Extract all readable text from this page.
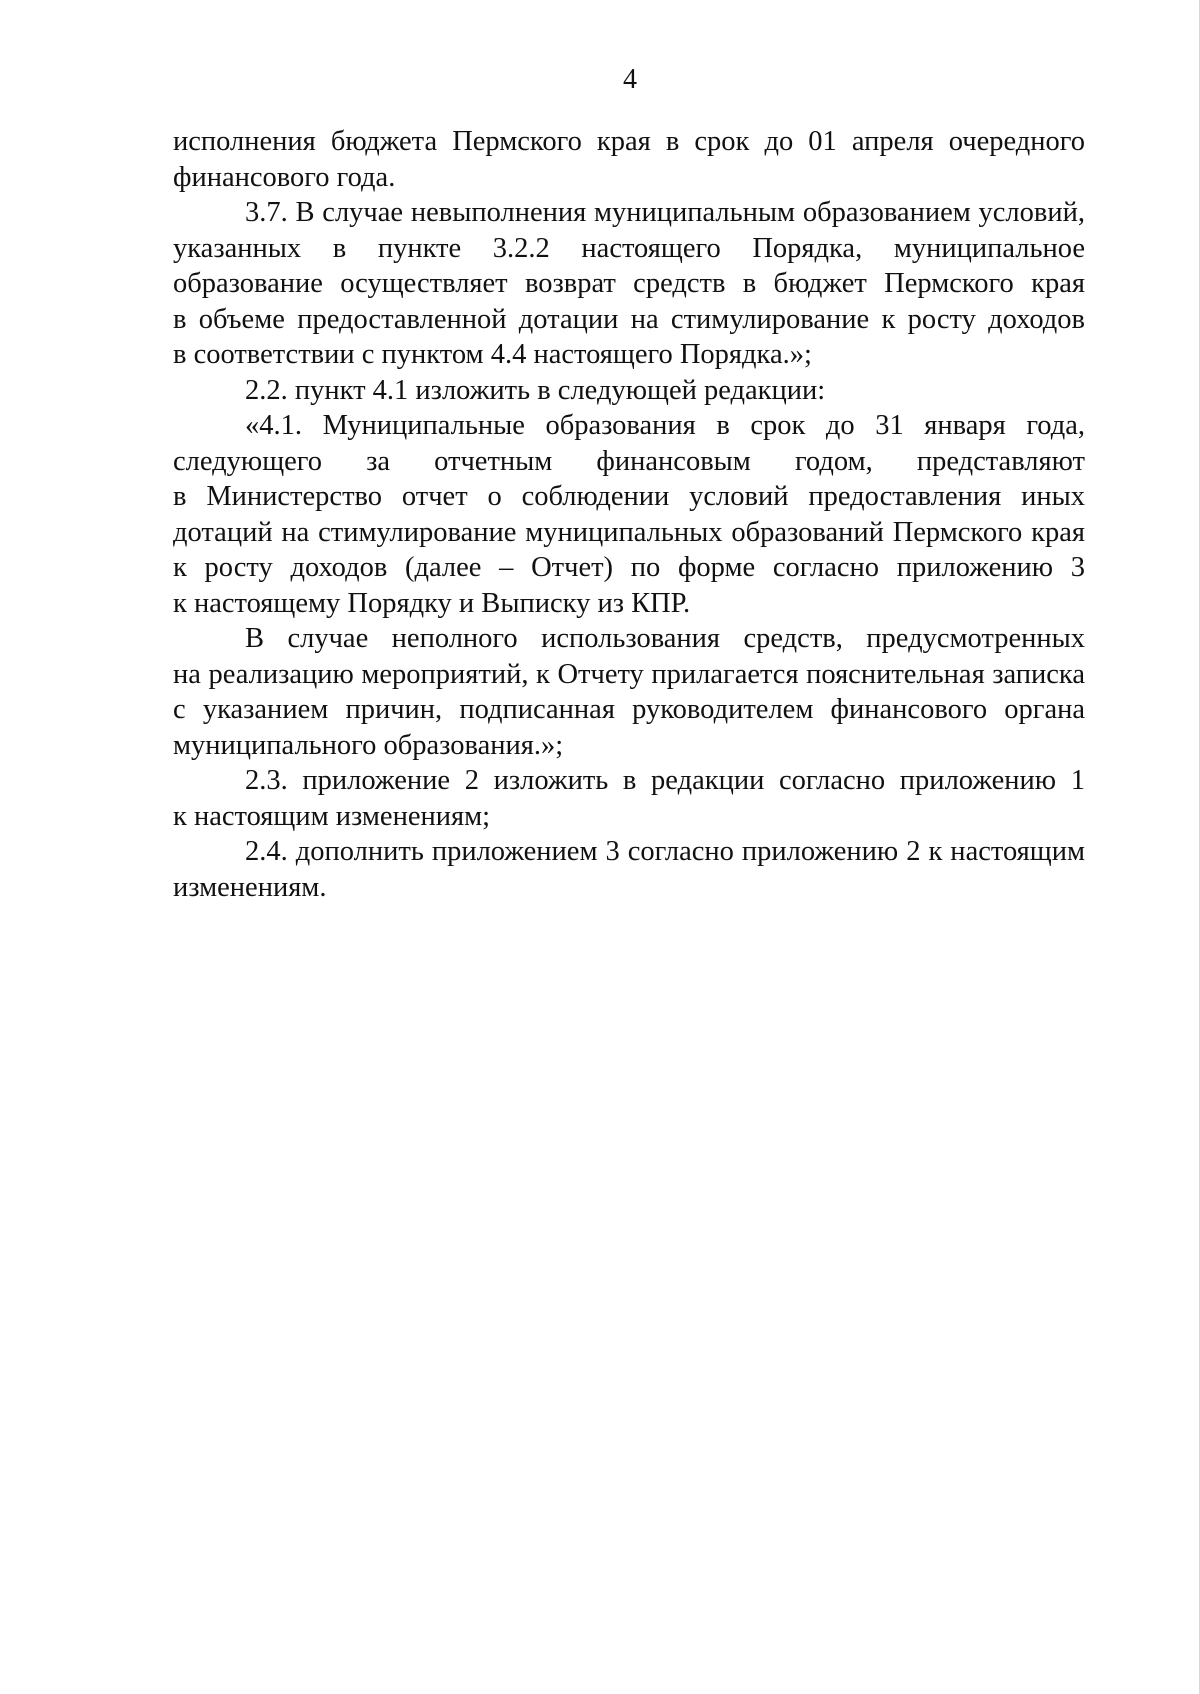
4

исполнения бюджета Пермского края в срок до 01 апреля очередного
финансового года.

3.7. В случае невыполнения муниципальным образованием условий,
указанных в пункте 3.2.2 настоящего Порядка, муниципальное
образование осуществляет возврат средств в бюджет Пермского края
в объеме предоставленной дотации на стимулирование к росту доходов
в соответствии с пунктом 4.4 настоящего Порядка.»;

2.2. пункт 4.1 изложить в следующей редакции:

«4.1. Муниципальные образования в срок до 31 января года,
следующего за отчетным финансовым годом, представляют
в Министерство отчет о соблюдении условий предоставления иных
дотаций на стимулирование муниципальных образований Пермского края
к росту доходов (далее – Отчет) по форме согласно приложению 3
к настоящему Порядку и Выписку из КПР.

В случае неполного использования средств, предусмотренных
на реализацию мероприятий, к Отчету прилагается пояснительная записка
с указанием причин, подписанная руководителем финансового органа
муниципального образования.»;

2.3. приложение 2 изложить в редакции согласно приложению 1
к настоящим изменениям;

2.4. дополнить приложением 3 согласно приложению 2 к настоящим
изменениям.
